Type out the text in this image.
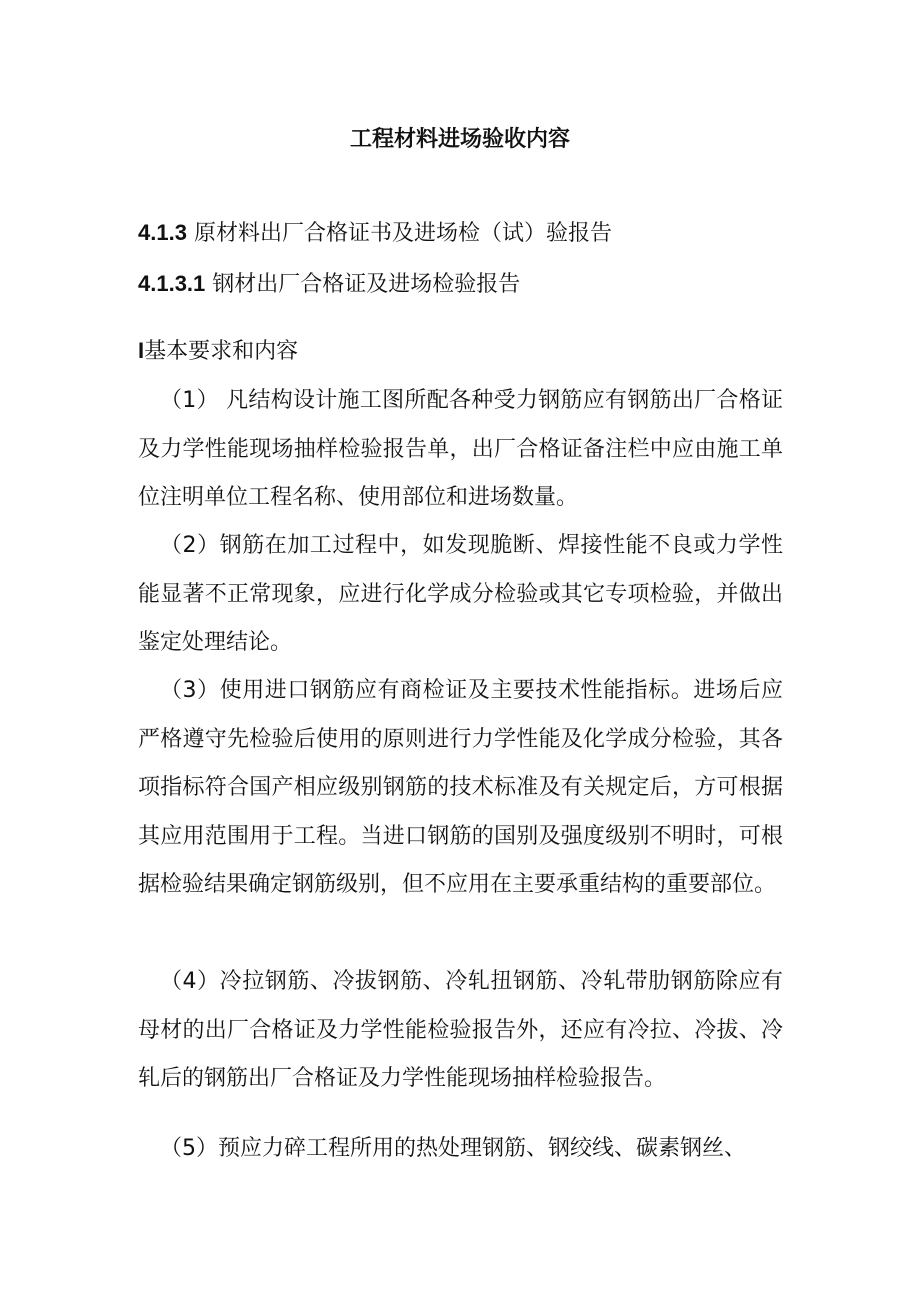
工程材料进场验收内容
4.1.3 原材料出厂合格证书及进场检（试）验报告
4.1.3.1 钢材出厂合格证及进场检验报告
I基本要求和内容

（1） 凡结构设计施工图所配各种受力钢筋应有钢筋出厂合格证及力学性能现场抽样检验报告单，出厂合格证备注栏中应由施工单位注明单位工程名称、使用部位和进场数量。

（2）钢筋在加工过程中，如发现脆断、焊接性能不良或力学性能显著不正常现象，应进行化学成分检验或其它专项检验，并做出鉴定处理结论。

（3）使用进口钢筋应有商检证及主要技术性能指标。进场后应严格遵守先检验后使用的原则进行力学性能及化学成分检验，其各项指标符合国产相应级别钢筋的技术标准及有关规定后，方可根据其应用范围用于工程。当进口钢筋的国别及强度级别不明时，可根据检验结果确定钢筋级别，但不应用在主要承重结构的重要部位。

（4）冷拉钢筋、冷拔钢筋、冷轧扭钢筋、冷轧带肋钢筋除应有母材的出厂合格证及力学性能检验报告外，还应有冷拉、冷拔、冷轧后的钢筋出厂合格证及力学性能现场抽样检验报告。

（5）预应力碎工程所用的热处理钢筋、钢绞线、碳素钢丝、
